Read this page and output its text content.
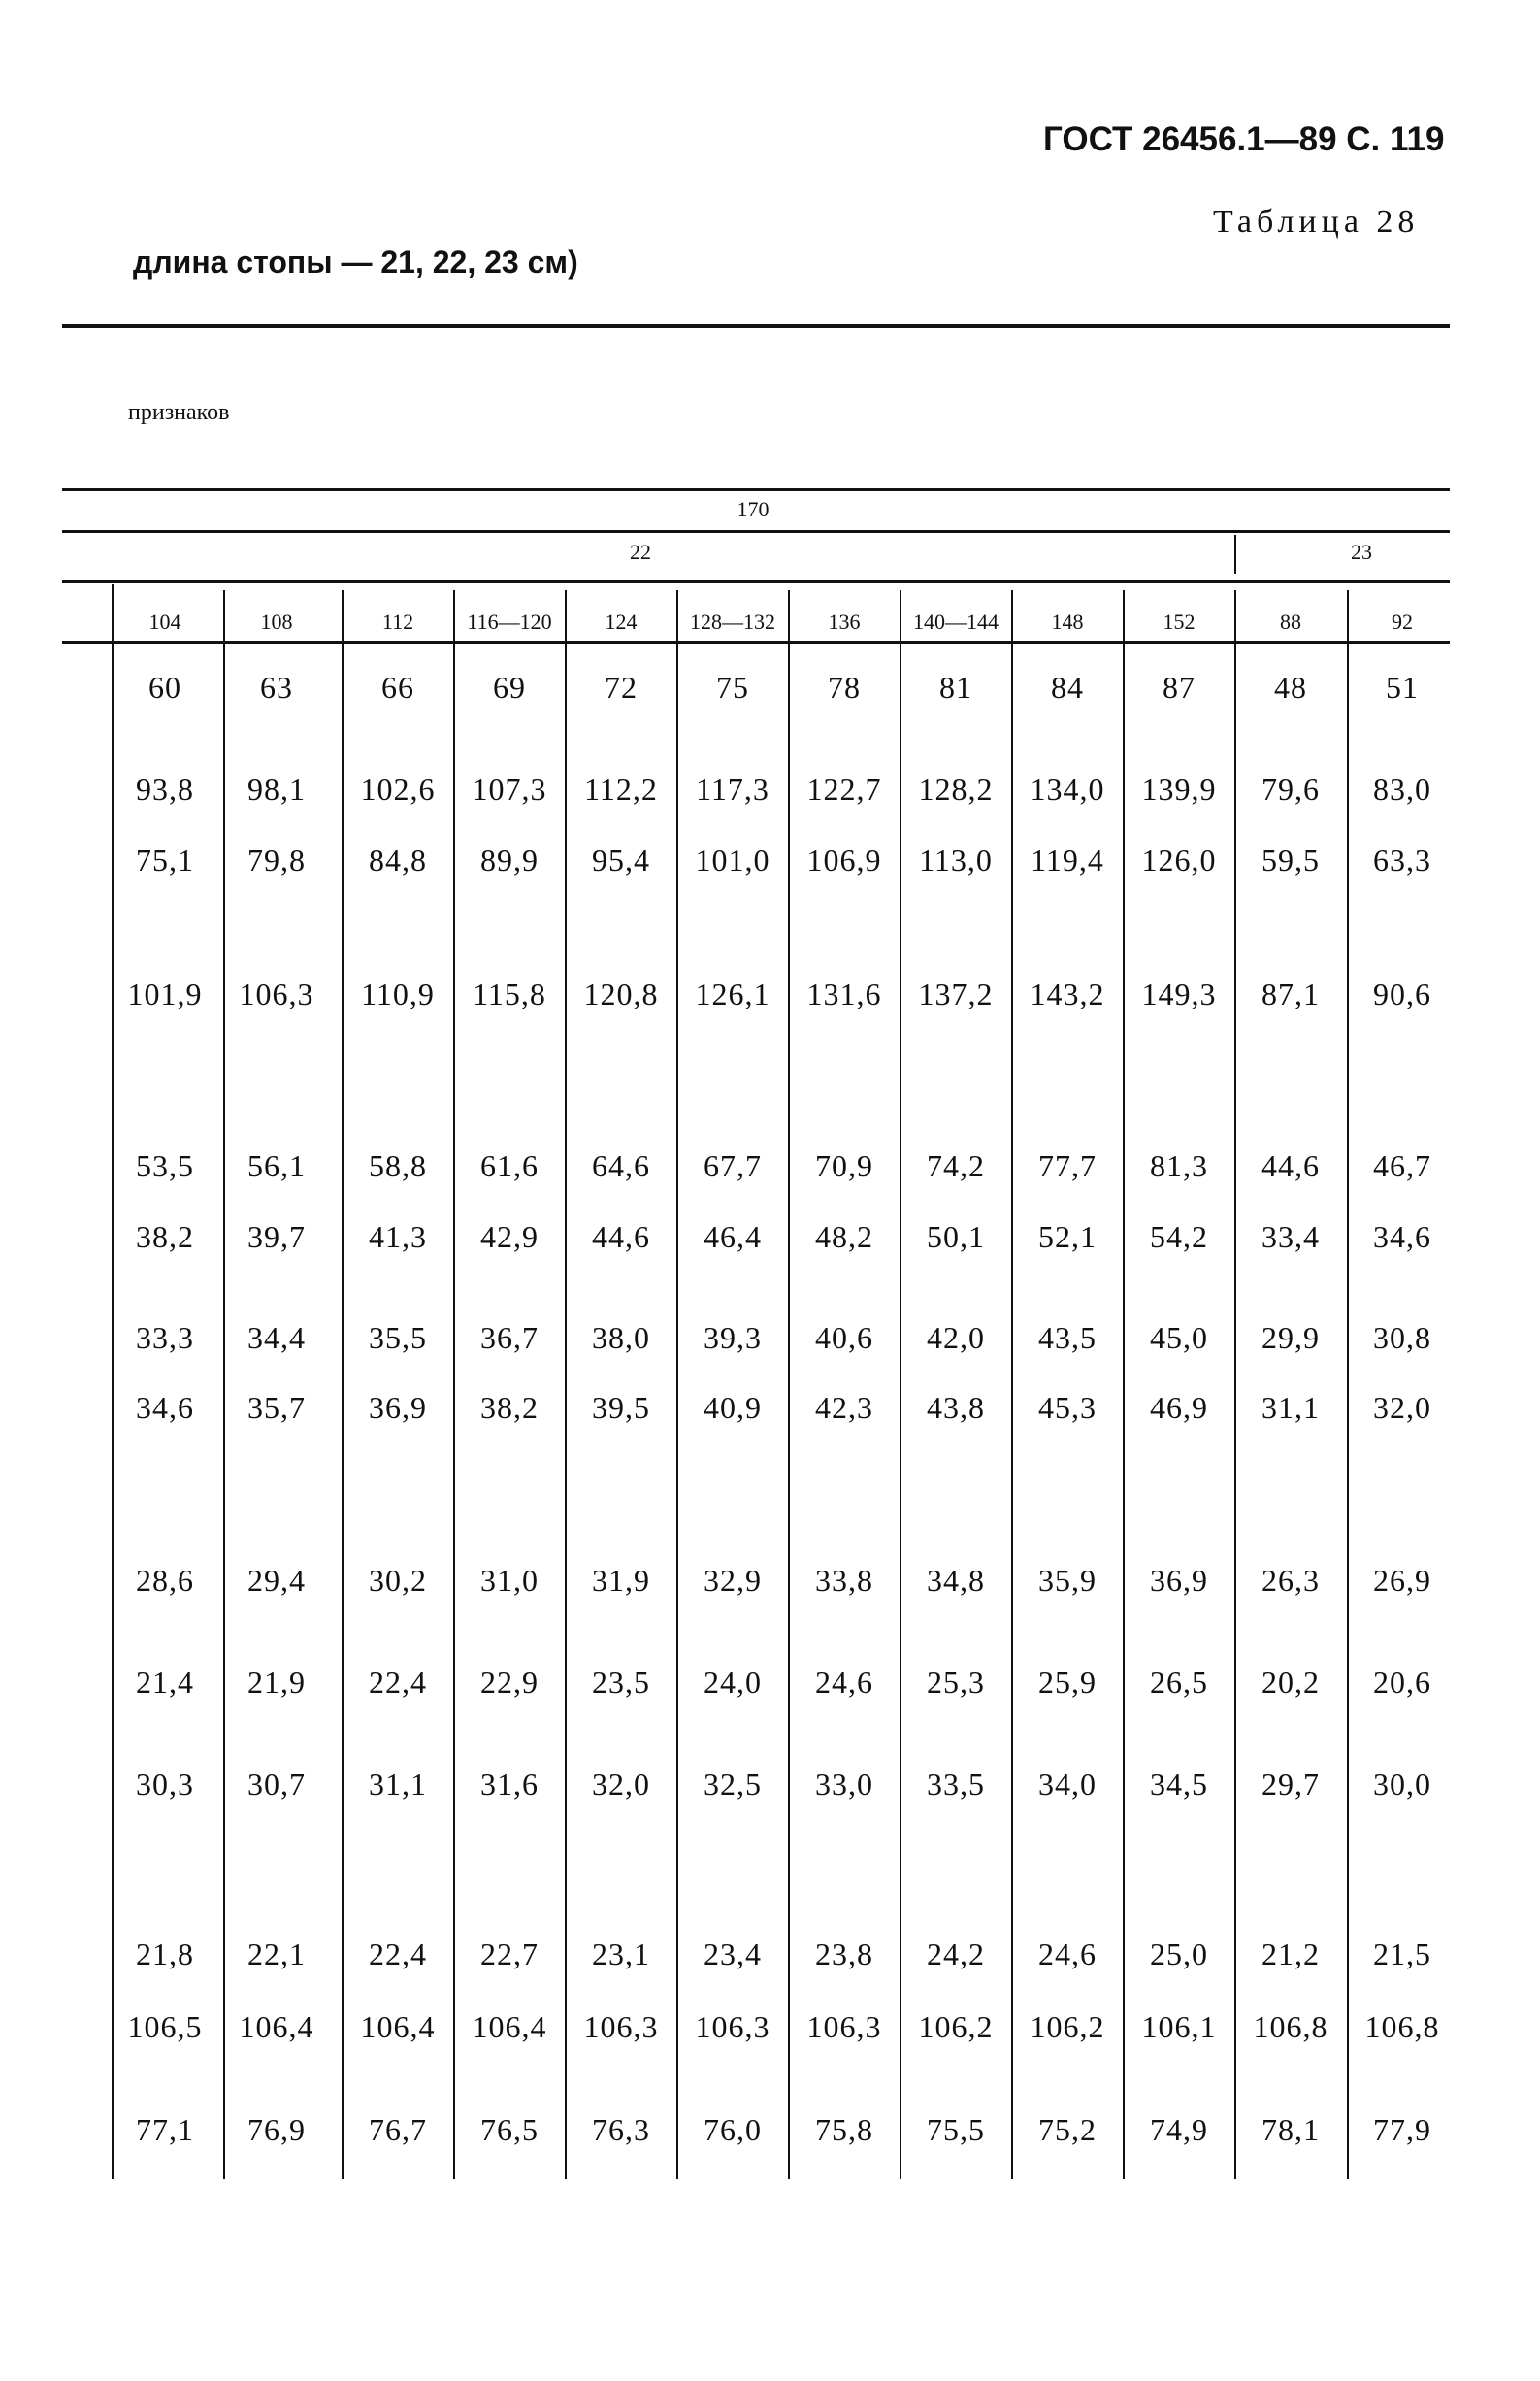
ГОСТ 26456.1—89 С. 119
Таблица 28
длина стопы — 21, 22, 23 см)
признаков
170
22	23
104	108	112	116—120 124 128—132 136 140—144 148	152	88	92
60	63	66	69	72	75	78	81	84	87	48	51
93,8 98,1 102,6 107,3 112,2 117,3 122,7 128,2 134,0 139,9 79,6 83,0
75,1 79,8 84,8 89,9 95,4 101,0 106,9 113,0 119,4 126,0 59,5 63,3
101,9 106,3 110,9 115,8 120,8 126,1 131,6 137,2 143,2 149,3 87,1 90,6
53,5 56,1 58,8 61,6 64,6 67,7 70,9 74,2 77,7 81,3 44,6 46,7
38,2 39,7 41,3 42,9 44,6 46,4 48,2 50,1 52,1 54,2 33,4 34,6
33,3 34,4 35,5 36,7 38,0 39,3 40,6 42,0 43,5 45,0 29,9 30,8
34,6 35,7 36,9 38,2 39,5 40,9 42,3 43,8 45,3 46,9 31,1 32,0
28,6 29,4 30,2 31,0 31,9 32,9 33,8 34,8 35,9 36,9 26,3 26,9
21,4 21,9 22,4 22,9 23,5 24,0 24,6 25,3 25,9 26,5 20,2 20,6
30,3 30,7 31,1 31,6 32,0 32,5 33,0 33,5 34,0 34,5 29,7 30,0
21,8 22,1 22,4 22,7 23,1 23,4 23,8 24,2 24,6 25,0 21,2 21,5
106,5 106,4 106,4 106,4 106,3 106,3 106,3 106,2 106,2 106,1 106,8 106,8
77,1 76,9 76,7 76,5 76,3 76,0 75,8 75,5 75,2 74,9 78,1 77,9
